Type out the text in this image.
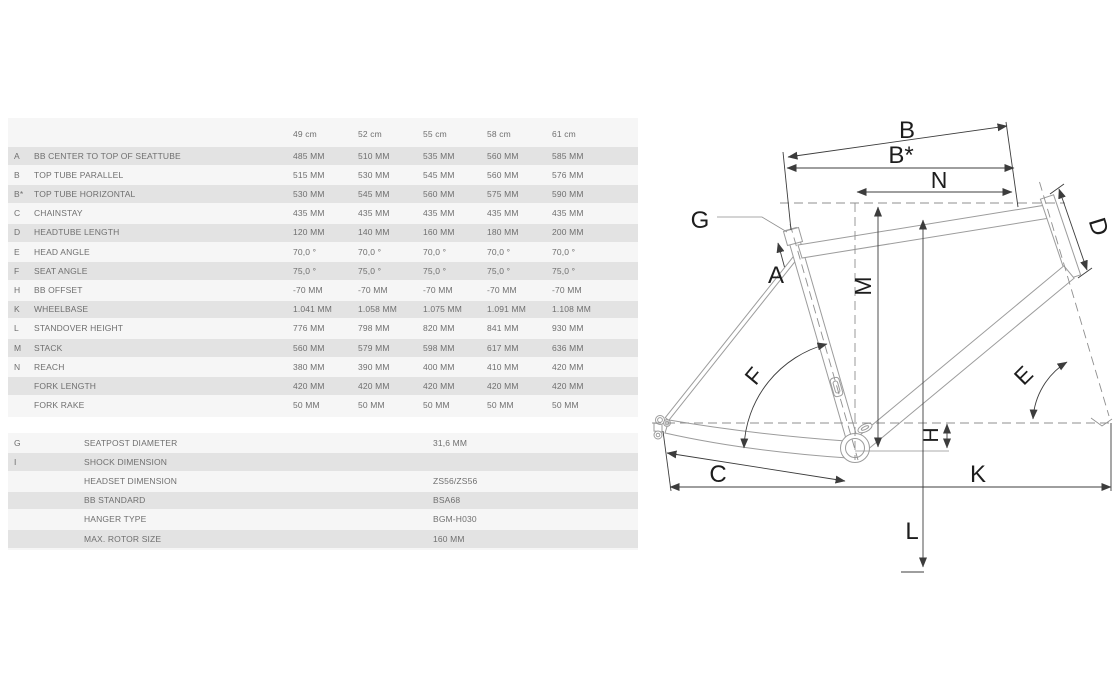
49 cm	52 cm	55 cm	58 cm	61 cm
A	BB CENTER TO TOP OF SEATTUBE	485 MM	510 MM	535 MM	560 MM	585 MM
B	TOP TUBE PARALLEL	515 MM	530 MM	545 MM	560 MM	576 MM
B*	TOP TUBE HORIZONTAL	530 MM	545 MM	560 MM	575 MM	590 MM
C	CHAINSTAY	435 MM	435 MM	435 MM	435 MM	435 MM
D	HEADTUBE LENGTH	120 MM	140 MM	160 MM	180 MM	200 MM
E	HEAD ANGLE	70,0 °	70,0 °	70,0 °	70,0 °	70,0 °
F	SEAT ANGLE	75,0 °	75,0 °	75,0 °	75,0 °	75,0 °
H	BB OFFSET	-70 MM	-70 MM	-70 MM	-70 MM	-70 MM
K	WHEELBASE	1.041 MM	1.058 MM	1.075 MM	1.091 MM	1.108 MM
L	STANDOVER HEIGHT	776 MM	798 MM	820 MM	841 MM	930 MM
M	STACK	560 MM	579 MM	598 MM	617 MM	636 MM
N	REACH	380 MM	390 MM	400 MM	410 MM	420 MM
FORK LENGTH	420 MM	420 MM	420 MM	420 MM	420 MM
FORK RAKE	50 MM	50 MM	50 MM	50 MM	50 MM
G	SEATPOST DIAMETER	31,6 MM
I	SHOCK DIMENSION
HEADSET DIMENSION	ZS56/ZS56
BB STANDARD	BSA68
HANGER TYPE	BGM-H030
MAX. ROTOR SIZE	160 MM
B
B*
N
G
A
D
M
F	E
H
C	K
L
